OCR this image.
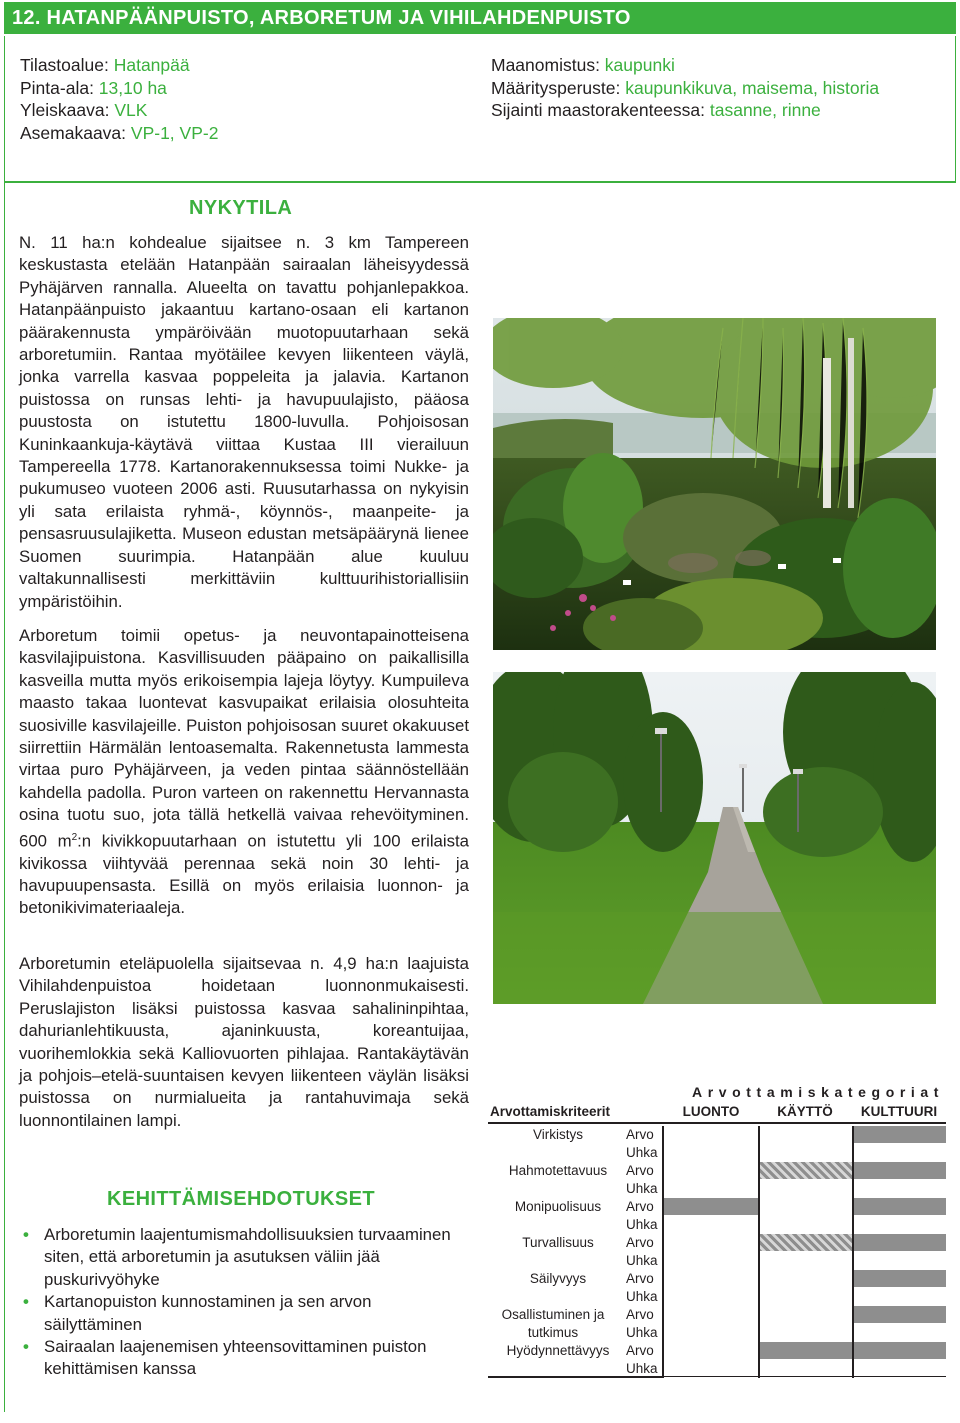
12. HATANPÄÄNPUISTO, ARBORETUM JA VIHILAHDENPUISTO
Tilastoalue: Hatanpää
Pinta-ala: 13,10 ha
Yleiskaava: VLK
Asemakaava: VP-1, VP-2
Maanomistus: kaupunki
Määritysperuste: kaupunkikuva, maisema, historia
Sijainti maastorakenteessa: tasanne, rinne
NYKYTILA

N. 11 ha:n kohdealue sijaitsee n. 3 km Tampereen keskustasta etelään Hatanpään sairaalan läheisyydessä Pyhäjärven rannalla. Alueelta on tavattu pohjanlepakkoa. Hatanpäänpuisto jakaantuu kartano-osaan eli kartanon päärakennusta ympäröivään muotopuutarhaan sekä arboretumiin. Rantaa myötäilee kevyen liikenteen väylä, jonka varrella kasvaa poppeleita ja jalavia. Kartanon puistossa on runsas lehti- ja havupuulajisto, pääosa puustosta on istutettu 1800-luvulla. Pohjoisosan Kuninkaankuja-käytävä viittaa Kustaa III vierailuun Tampereella 1778. Kartanorakennuksessa toimi Nukke- ja pukumuseo vuoteen 2006 asti. Ruusutarhassa on nykyisin yli sata erilaista ryhmä-, köynnös-, maanpeite- ja pensasruusulajiketta. Museon edustan metsäpäärynä lienee Suomen suurimpia. Hatanpään alue kuuluu valtakunnallisesti merkittäviin kulttuurihistoriallisiin ympäristöihin.

Arboretum toimii opetus- ja neuvontapainotteisena kasvilajipuistona. Kasvillisuuden pääpaino on paikallisilla kasveilla mutta myös erikoisempia lajeja löytyy. Kumpuileva maasto takaa luontevat kasvupaikat erilaisia olosuhteita suosiville kasvilajeille. Puiston pohjoisosan suuret okakuuset siirrettiin Härmälän lentoasemalta. Rakennetusta lammesta virtaa puro Pyhäjärveen, ja veden pintaa säännöstellään kahdella padolla. Puron varteen on rakennettu Hervannasta osina tuotu suo, jota tällä hetkellä vaivaa rehevöityminen. 600 $m^2:n$ kivikkopuutarhaan on istutettu yli 100 erilaista kivikossa viihtyvää perennaa sekä noin 30 lehti- ja havupuupensasta. Esillä on myös erilaisia luonnon- ja betonikivimateriaaleja.

Arboretumin eteläpuolella sijaitsevaa n. 4,9 ha:n laajuista Vihilahdenpuistoa hoidetaan luonnonmukaisesti. Peruslajiston lisäksi puistossa kasvaa sahalininpihtaa, dahurianlehtikuusta, ajaninkuusta, koreantuijaa, vuorihemlokkia sekä Kalliovuorten pihlajaa. Rantakäytävän ja pohjois–etelä-suuntaisen kevyen liikenteen väylän lisäksi puistossa on nurmialueita ja rantahuvimaja sekä luonnontilainen lampi.

KEHITTÄMISEHDOTUKSET
• Arboretumin laajentumismahdollisuuksien turvaaminen siten, että arboretumin ja asutuksen väliin jää puskurivyöhyke
• Kartanopuiston kunnostaminen ja sen arvon säilyttäminen
• Sairaalan laajenemisen yhteensovittaminen puiston kehittämisen kanssa
Arvottamiskategoriat
Arvottamiskriteerit	LUONTO	KÄYTTÖ	KULTTUURI
Virkistys	Arvo
Uhka
Hahmotettavuus	Arvo
Uhka
Monipuolisuus	Arvo
Uhka
Turvallisuus	Arvo
Uhka
Säilyvyys	Arvo
Uhka
Osallistuminen ja tutkimus
Arvo
Uhka
Hyödynnettävyys	Arvo
Uhka
